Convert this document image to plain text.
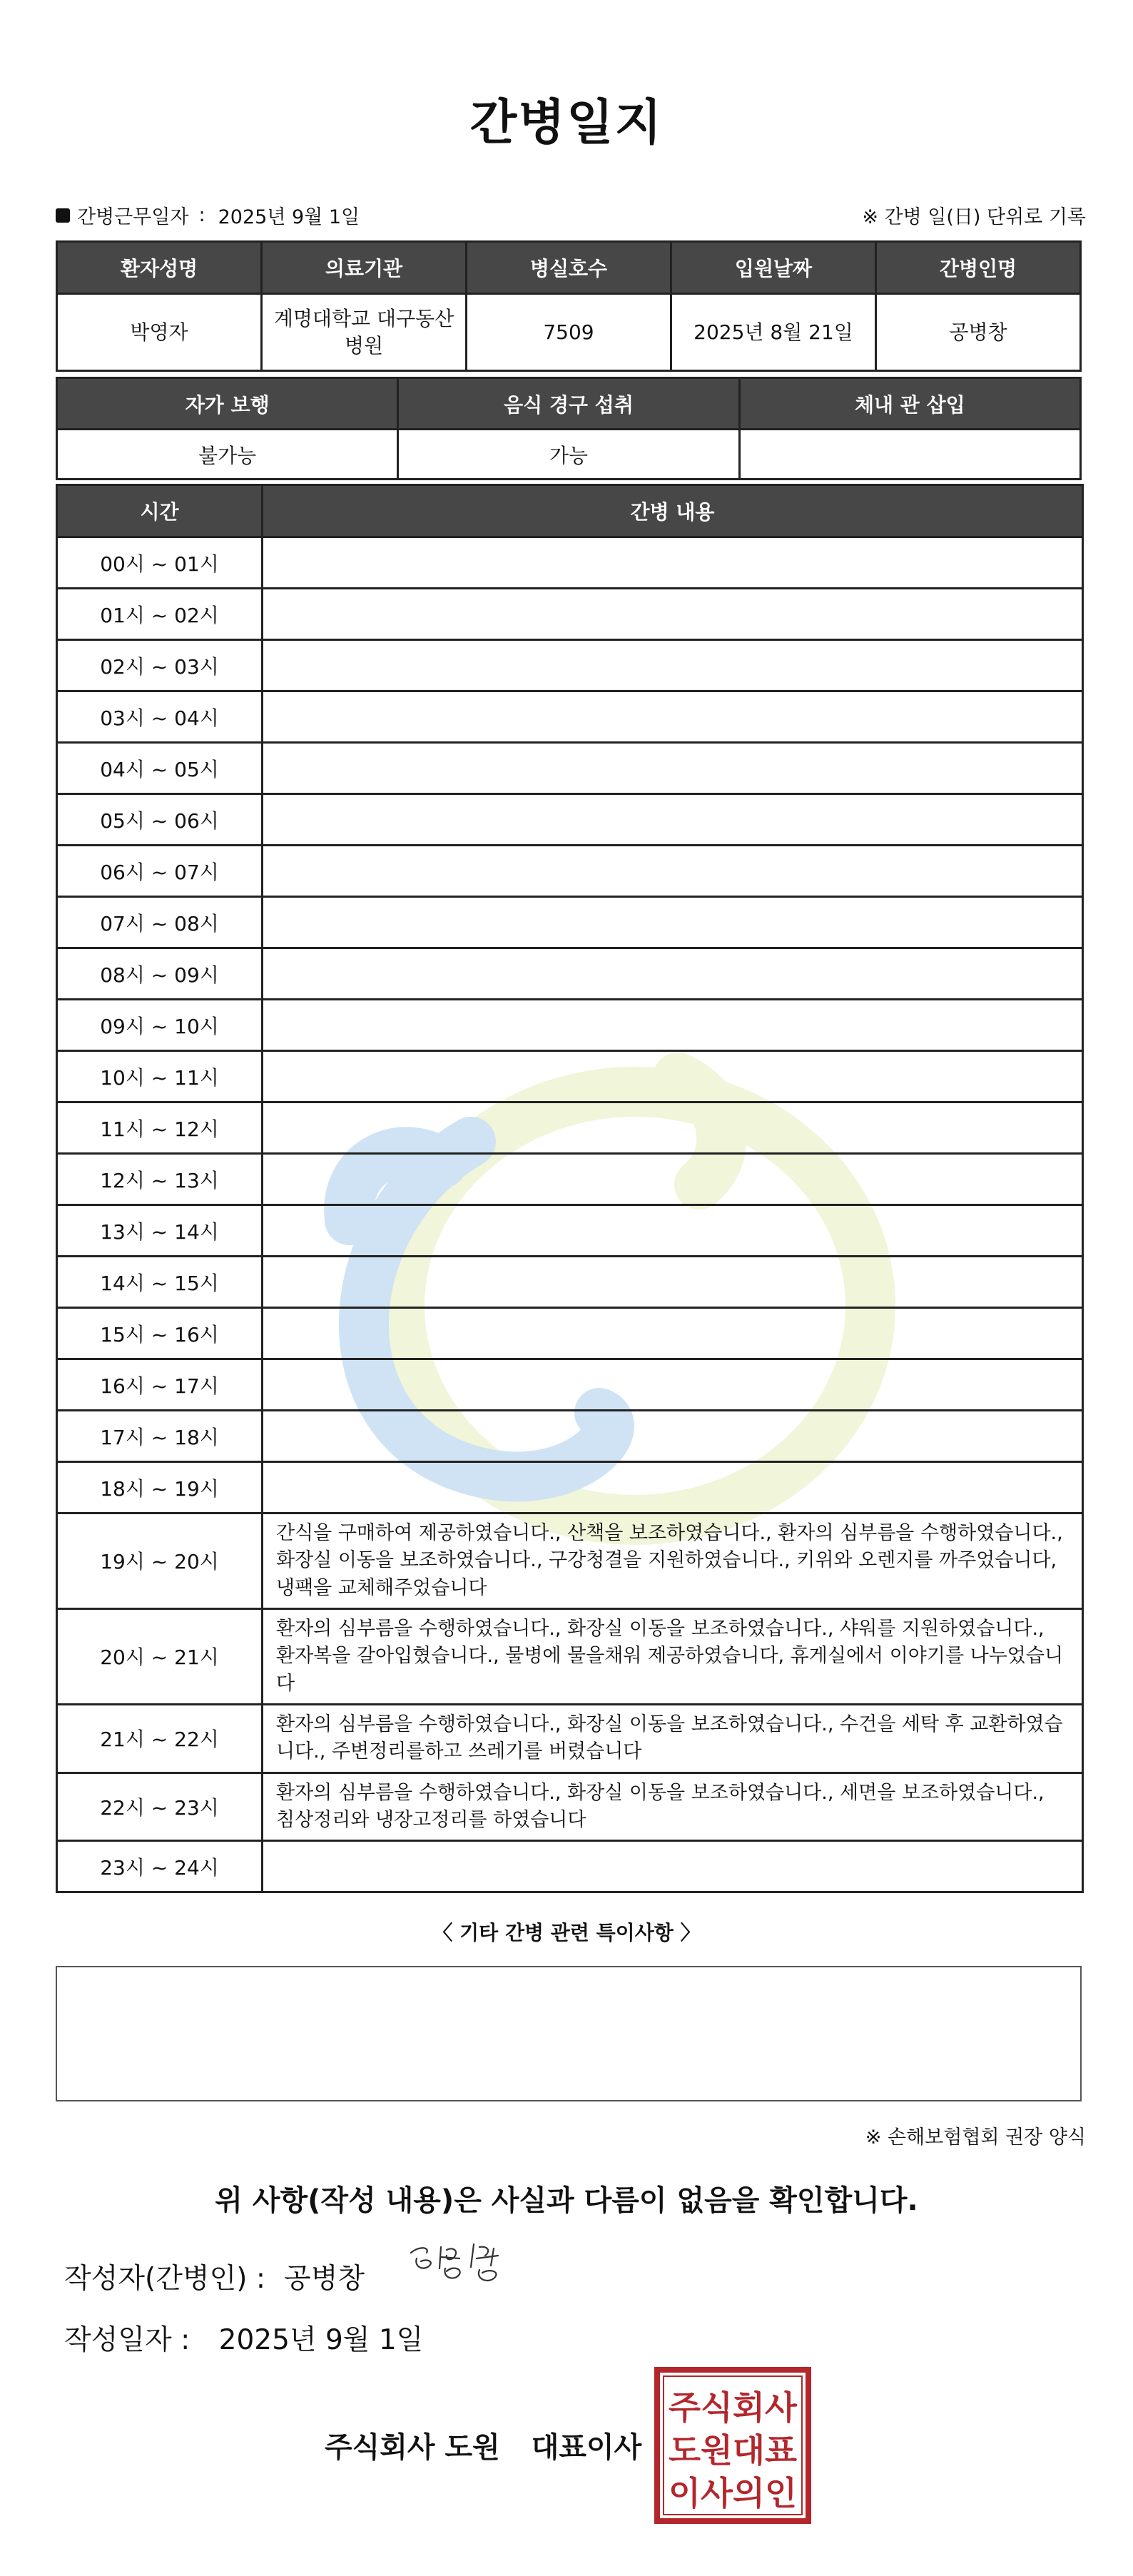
간병일지
간병근무일자 : 2025년 9월 1일	※ 간병 일(日) 단위로 기록
환자성명	의료기관	병실호수	입원날짜	간병인명
박영자	계명대학교 대구동산병원	7509	2025년 8월 21일	공병창
자가 보행	음식 경구 섭취	체내 관 삽입
불가능	가능	
시간	간병 내용
00시 ~ 01시	
01시 ~ 02시	
02시 ~ 03시	
03시 ~ 04시	
04시 ~ 05시	
05시 ~ 06시	
06시 ~ 07시	
07시 ~ 08시	
08시 ~ 09시	
09시 ~ 10시	
10시 ~ 11시	
11시 ~ 12시	
12시 ~ 13시	
13시 ~ 14시	
14시 ~ 15시	
15시 ~ 16시	
16시 ~ 17시	
17시 ~ 18시	
18시 ~ 19시	
19시 ~ 20시	간식을 구매하여 제공하였습니다., 산책을 보조하였습니다., 환자의 심부름을 수행하였습니다., 화장실 이동을 보조하였습니다., 구강청결을 지원하였습니다., 키위와 오렌지를 까주었습니다, 냉팩을 교체해주었습니다
20시 ~ 21시	환자의 심부름을 수행하였습니다., 화장실 이동을 보조하였습니다., 샤워를 지원하였습니다., 환자복을 갈아입혔습니다., 물병에 물을채워 제공하였습니다, 휴게실에서 이야기를 나누었습니다
21시 ~ 22시	환자의 심부름을 수행하였습니다., 화장실 이동을 보조하였습니다., 수건을 세탁 후 교환하였습니다., 주변정리를하고 쓰레기를 버렸습니다
22시 ~ 23시	환자의 심부름을 수행하였습니다., 화장실 이동을 보조하였습니다., 세면을 보조하였습니다., 침상정리와 냉장고정리를 하였습니다
23시 ~ 24시	
〈 기타 간병 관련 특이사항 〉
※ 손해보험협회 권장 양식
위 사항(작성 내용)은 사실과 다름이 없음을 확인합니다.
작성자(간병인) : 공병창
작성일자 : 2025년 9월 1일
주식회사 도원 대표이사
주식회사
도원대표
이사의인
